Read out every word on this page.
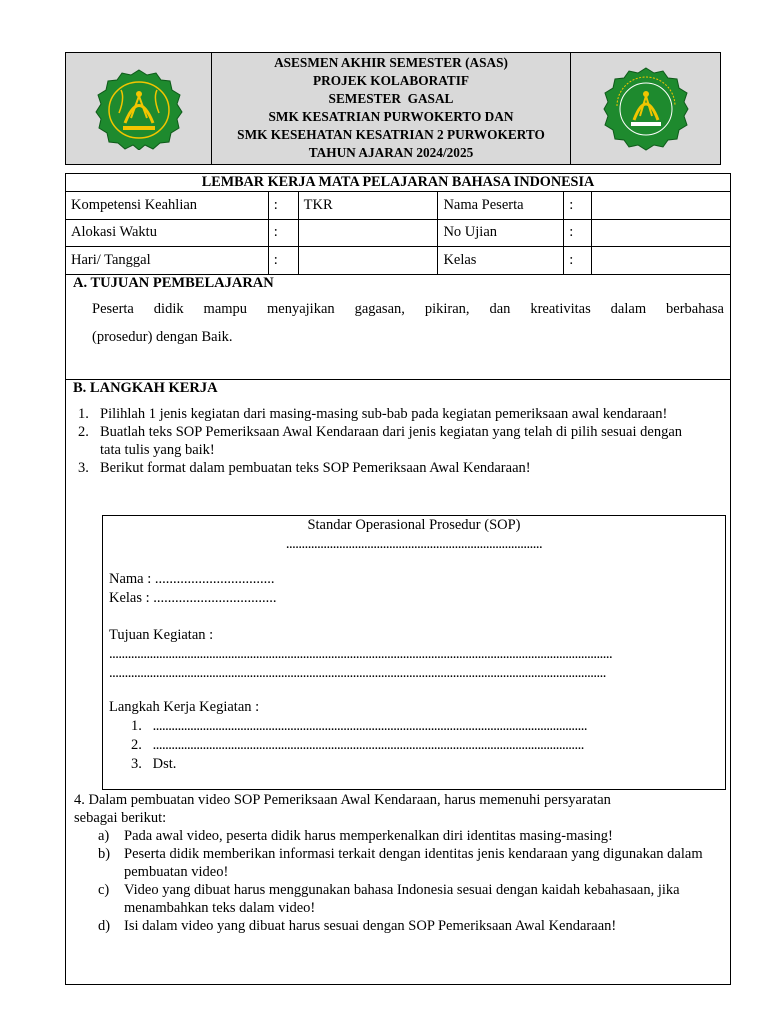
ASESMEN AKHIR SEMESTER (ASAS)
PROJEK KOLABORATIF
SEMESTER  GASAL
SMK KESATRIAN PURWOKERTO DAN
SMK KESEHATAN KESATRIAN 2 PURWOKERTO
TAHUN AJARAN 2024/2025
LEMBAR KERJA MATA PELAJARAN BAHASA INDONESIA
Kompetensi Keahlian	:	TKR	Nama Peserta	:	
Alokasi Waktu	:		No Ujian	:	
Hari/ Tanggal	:		Kelas	:	
A. TUJUAN PEMBELAJARAN
Peserta didik mampu menyajikan gagasan, pikiran, dan kreativitas dalam berbahasa
(prosedur) dengan Baik.
B. LANGKAH KERJA
1. Pilihlah 1 jenis kegiatan dari masing-masing sub-bab pada kegiatan pemeriksaan awal kendaraan!
2. Buatlah teks SOP Pemeriksaan Awal Kendaraan dari jenis kegiatan yang telah di pilih sesuai dengan tata tulis yang baik!
3. Berikut format dalam pembuatan teks SOP Pemeriksaan Awal Kendaraan!
Standar Operasional Prosedur (SOP)
..................................................................................
Nama : .................................
Kelas : ..................................
Tujuan Kegiatan :
.................................................................................................................................................................
...............................................................................................................................................................
Langkah Kerja Kegiatan :
1. ...........................................................................................................................................
2. ..........................................................................................................................................
3. Dst.
4. Dalam pembuatan video SOP Pemeriksaan Awal Kendaraan, harus memenuhi persyaratan
sebagai berikut:
a)	Pada awal video, peserta didik harus memperkenalkan diri identitas masing-masing!
b) Peserta didik memberikan informasi terkait dengan identitas jenis kendaraan yang digunakan dalam pembuatan video!
c)	Video yang dibuat harus menggunakan bahasa Indonesia sesuai dengan kaidah kebahasaan, jika menambahkan teks dalam video!
d) Isi dalam video yang dibuat harus sesuai dengan SOP Pemeriksaan Awal Kendaraan!
